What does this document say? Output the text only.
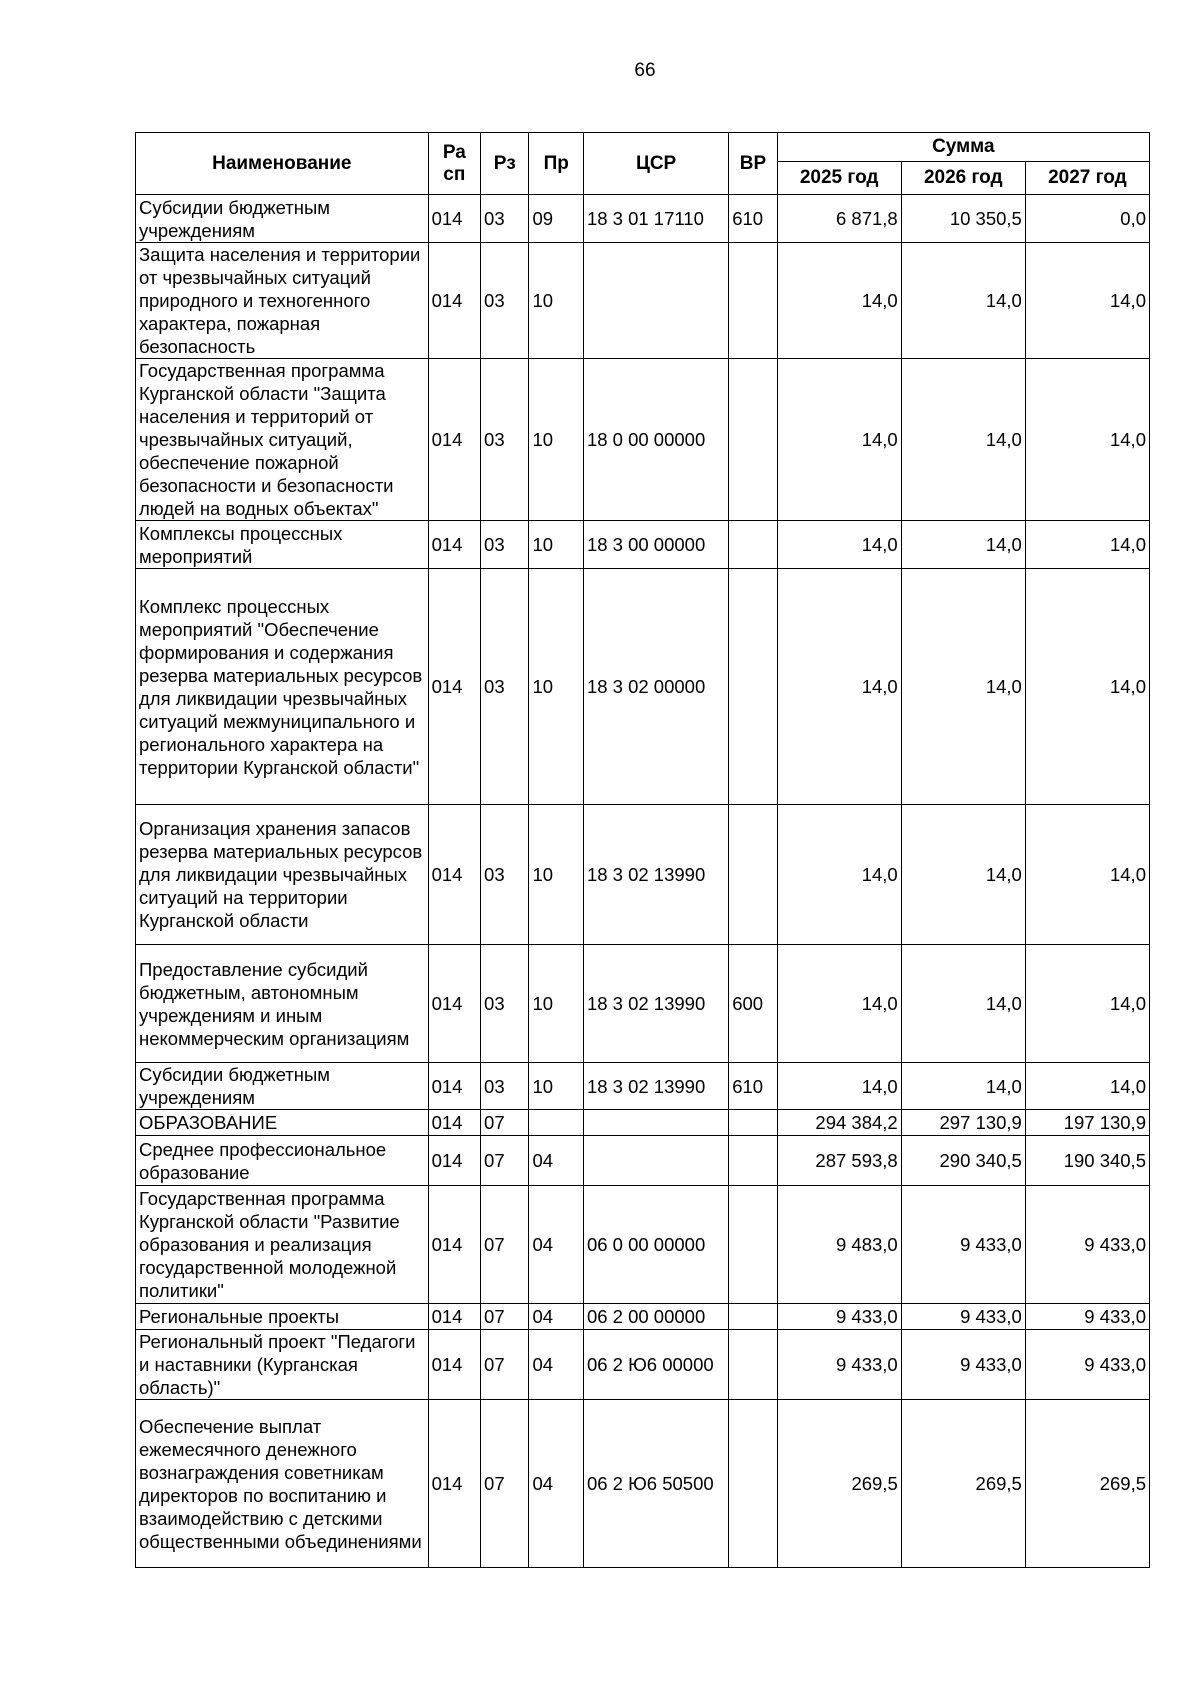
66
Наименование	Ра сп	Рз	Пр	ЦСР	ВР	Сумма		
						2025 год	2026 год	2027 год
Субсидии бюджетным учреждениям	014	03	09	18 3 01 17110	610	6 871,8	10 350,5	0,0
Защита населения и территории от чрезвычайных ситуаций природного и техногенного характера, пожарная безопасность	014	03	10			14,0	14,0	14,0
Государственная программа Курганской области "Защита населения и территорий от чрезвычайных ситуаций, обеспечение пожарной безопасности и безопасности людей на водных объектах"	014	03	10	18 0 00 00000		14,0	14,0	14,0
Комплексы процессных мероприятий	014	03	10	18 3 00 00000		14,0	14,0	14,0
Комплекс процессных мероприятий "Обеспечение формирования и содержания резерва материальных ресурсов для ликвидации чрезвычайных ситуаций межмуниципального и регионального характера на территории Курганской области"	014	03	10	18 3 02 00000		14,0	14,0	14,0
Организация хранения запасов резерва материальных ресурсов для ликвидации чрезвычайных ситуаций на территории Курганской области	014	03	10	18 3 02 13990		14,0	14,0	14,0
Предоставление субсидий бюджетным, автономным учреждениям и иным некоммерческим организациям	014	03	10	18 3 02 13990	600	14,0	14,0	14,0
Субсидии бюджетным учреждениям	014	03	10	18 3 02 13990	610	14,0	14,0	14,0
ОБРАЗОВАНИЕ	014	07				294 384,2	297 130,9	197 130,9
Среднее профессиональное образование	014	07	04			287 593,8	290 340,5	190 340,5
Государственная программа Курганской области "Развитие образования и реализация государственной молодежной политики"	014	07	04	06 0 00 00000		9 483,0	9 433,0	9 433,0
Региональные проекты	014	07	04	06 2 00 00000		9 433,0	9 433,0	9 433,0
Региональный проект "Педагоги и наставники (Курганская область)"	014	07	04	06 2 Ю6 00000		9 433,0	9 433,0	9 433,0
Обеспечение выплат ежемесячного денежного вознаграждения советникам директоров по воспитанию и взаимодействию с детскими общественными объединениями	014	07	04	06 2 Ю6 50500		269,5	269,5	269,5
